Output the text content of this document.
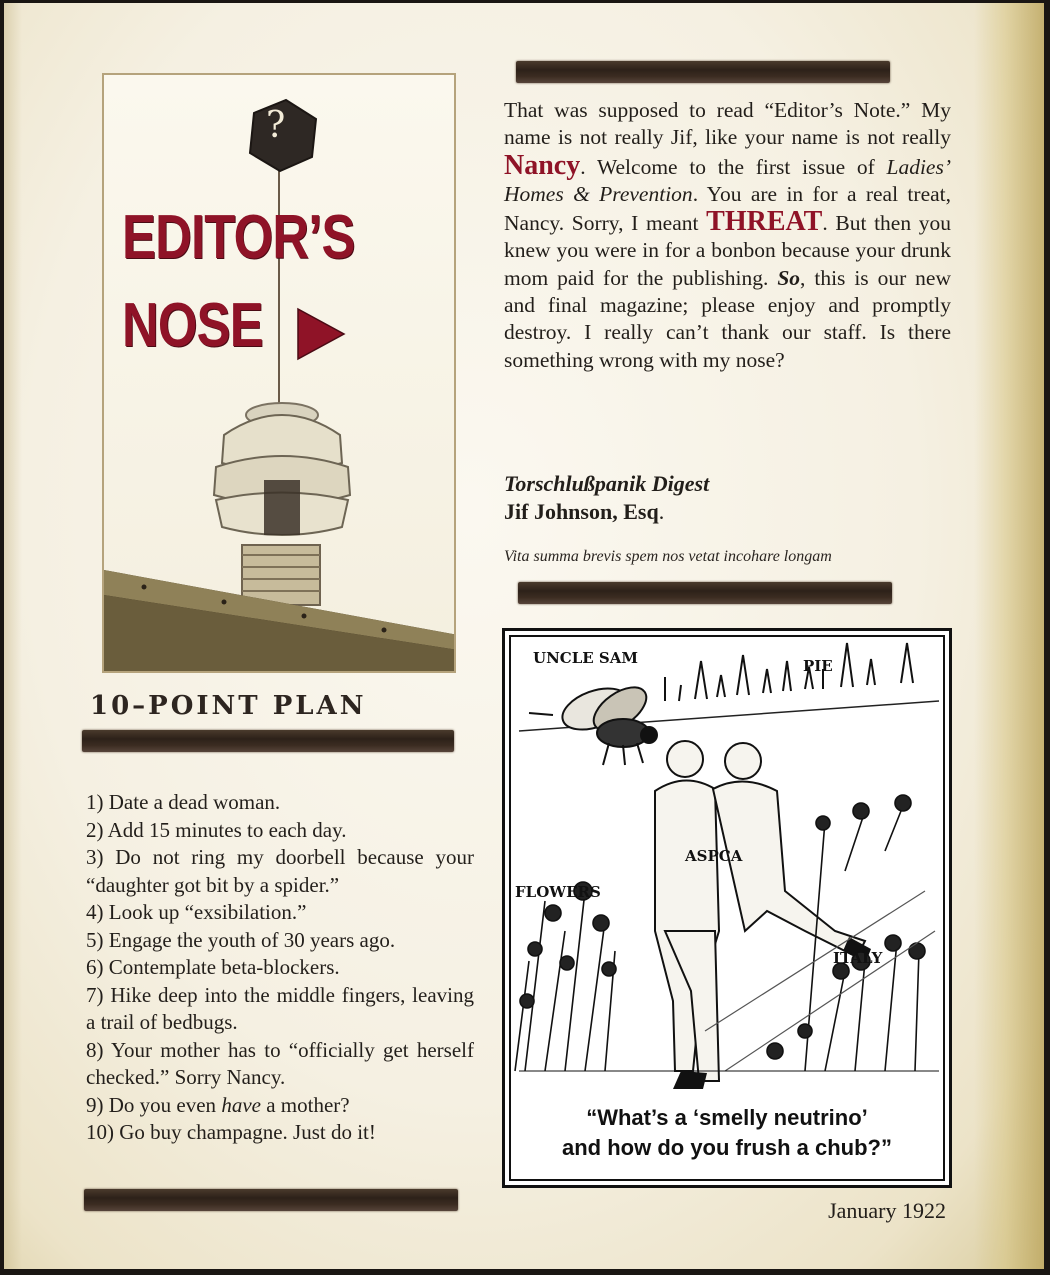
?
EDITOR’S
NOSE
10–POINT PLAN
1) Date a dead woman.
2) Add 15 minutes to each day.
3) Do not ring my doorbell because your “daughter got bit by a spider.”
4) Look up “exsibilation.”
5) Engage the youth of 30 years ago.
6) Contemplate beta-blockers.
7) Hike deep into the middle fingers, leaving a trail of bedbugs.
8) Your mother has to “officially get herself checked.” Sorry Nancy.
9) Do you even have a mother?
10) Go buy champagne. Just do it!

That was supposed to read “Editor’s Note.” My name is not really Jif, like your name is not really Nancy. Welcome to the first issue of Ladies’ Homes & Prevention. You are in for a real treat, Nancy. Sorry, I meant THREAT. But then you knew you were in for a bonbon because your drunk mom paid for the publishing. So, this is our new and final magazine; please enjoy and promptly destroy. I really can’t thank our staff. Is there something wrong with my nose?

Torschlußpanik Digest
Jif Johnson, Esq.
Vita summa brevis spem nos vetat incohare longam
UNCLE SAM	PIE
ASPCA
FLOWERS
ITALY
“What’s a ‘smelly neutrino’
and how do you frush a chub?”
January 1922
